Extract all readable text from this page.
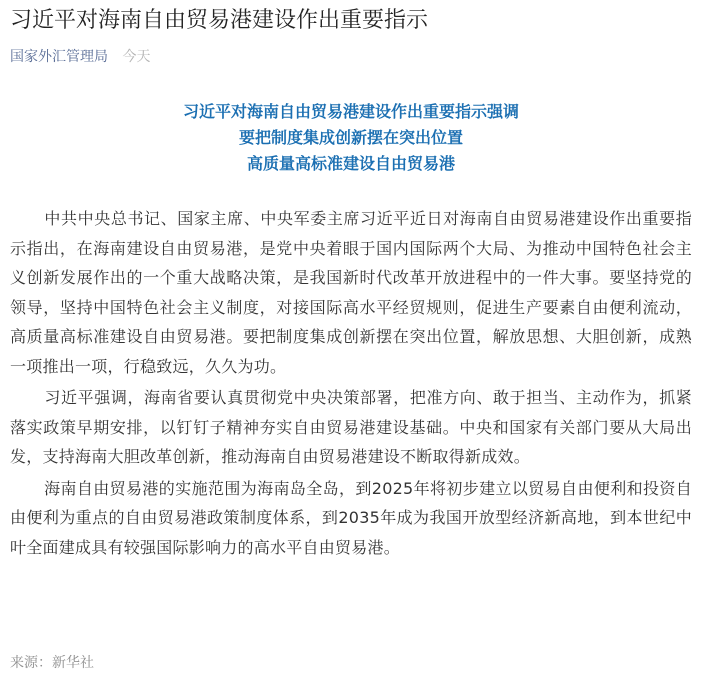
习近平对海南自由贸易港建设作出重要指示
国家外汇管理局 今天
习近平对海南自由贸易港建设作出重要指示强调
要把制度集成创新摆在突出位置
高质量高标准建设自由贸易港

中共中央总书记、国家主席、中央军委主席习近平近日对海南自由贸易港建设作出重要指示指出，在海南建设自由贸易港，是党中央着眼于国内国际两个大局、为推动中国特色社会主义创新发展作出的一个重大战略决策，是我国新时代改革开放进程中的一件大事。要坚持党的领导，坚持中国特色社会主义制度，对接国际高水平经贸规则，促进生产要素自由便利流动，高质量高标准建设自由贸易港。要把制度集成创新摆在突出位置，解放思想、大胆创新，成熟一项推出一项，行稳致远，久久为功。

习近平强调，海南省要认真贯彻党中央决策部署，把准方向、敢于担当、主动作为，抓紧落实政策早期安排，以钉钉子精神夯实自由贸易港建设基础。中央和国家有关部门要从大局出发，支持海南大胆改革创新，推动海南自由贸易港建设不断取得新成效。

海南自由贸易港的实施范围为海南岛全岛，到2025年将初步建立以贸易自由便利和投资自由便利为重点的自由贸易港政策制度体系，到2035年成为我国开放型经济新高地，到本世纪中叶全面建成具有较强国际影响力的高水平自由贸易港。

来源：新华社
